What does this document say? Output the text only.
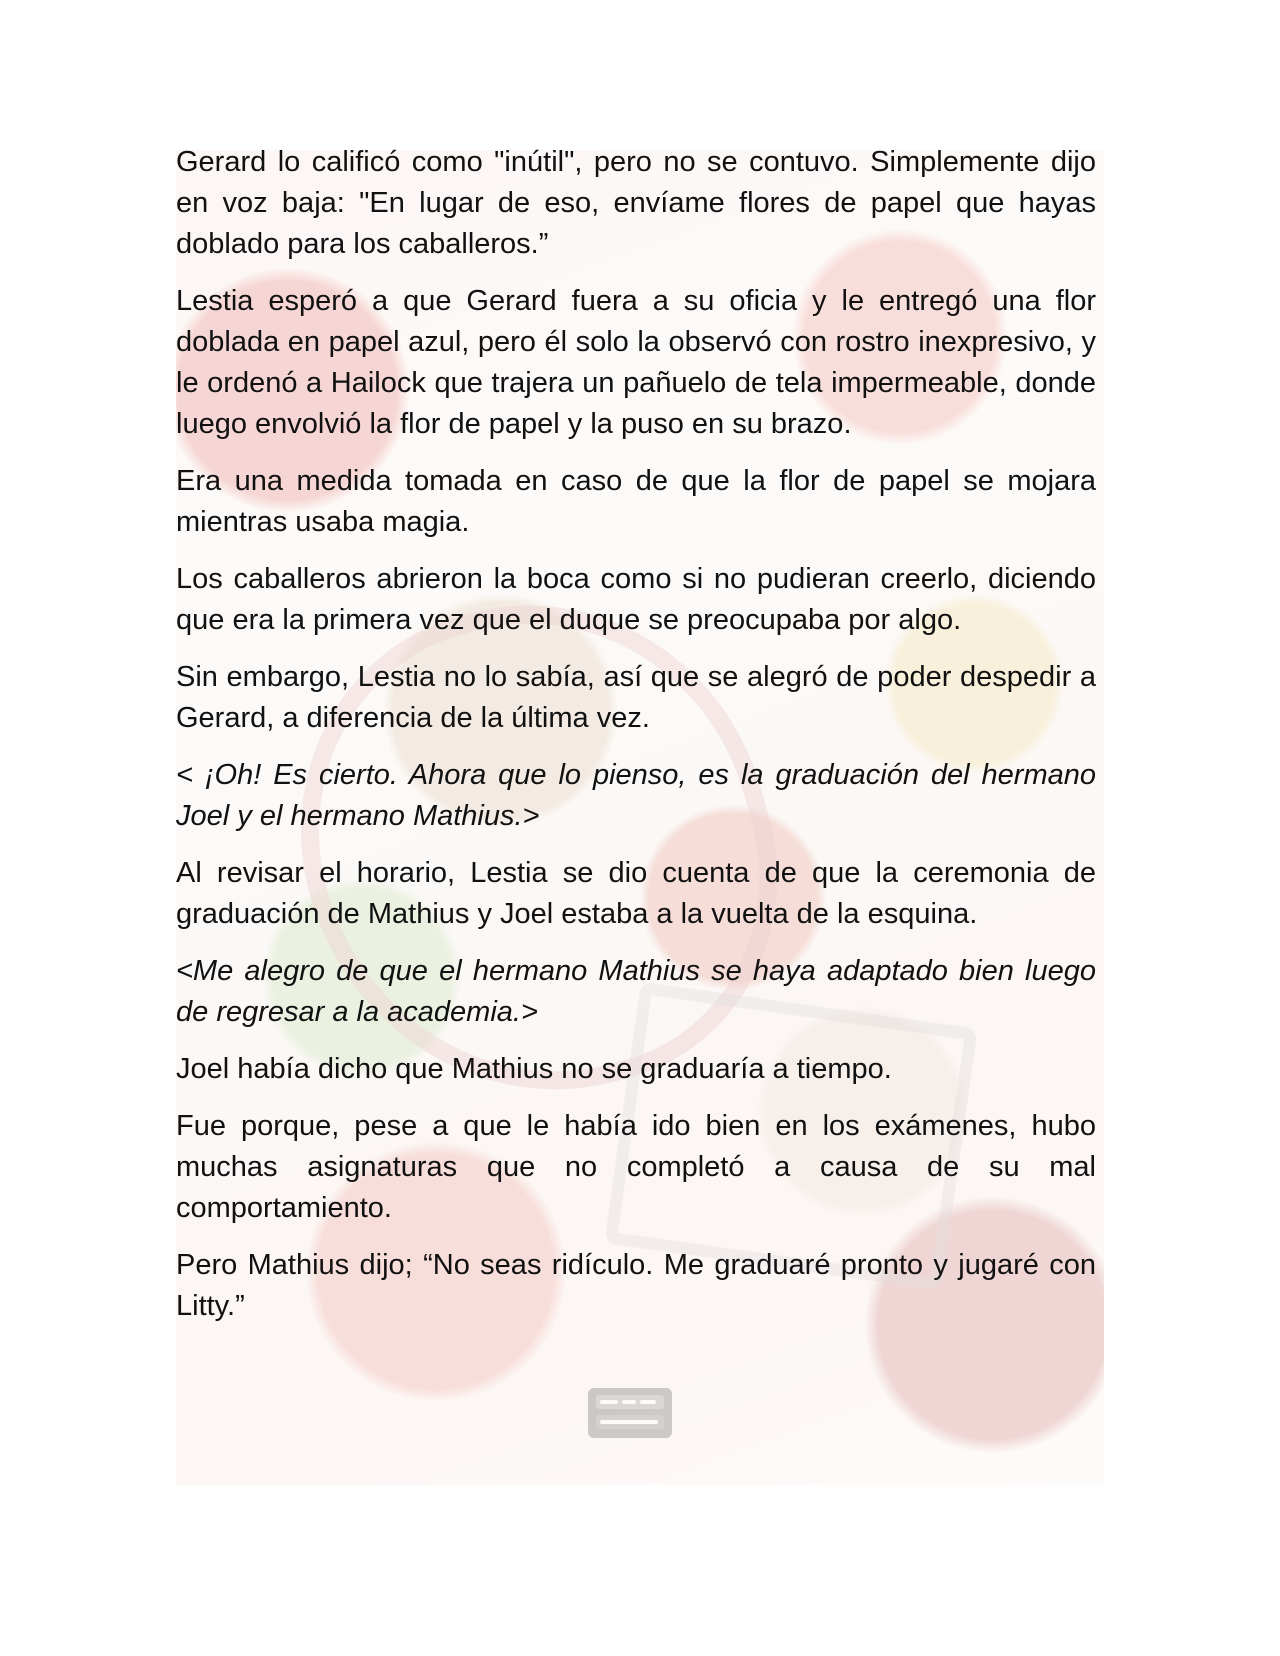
Gerard lo calificó como "inútil", pero no se contuvo. Simplemente dijo en voz baja: "En lugar de eso, envíame flores de papel que hayas doblado para los caballeros.”

Lestia esperó a que Gerard fuera a su oficia y le entregó una flor doblada en papel azul, pero él solo la observó con rostro inexpresivo, y le ordenó a Hailock que trajera un pañuelo de tela impermeable, donde luego envolvió la flor de papel y la puso en su brazo.

Era una medida tomada en caso de que la flor de papel se mojara mientras usaba magia.

Los caballeros abrieron la boca como si no pudieran creerlo, diciendo que era la primera vez que el duque se preocupaba por algo.

Sin embargo, Lestia no lo sabía, así que se alegró de poder despedir a Gerard, a diferencia de la última vez.

< ¡Oh! Es cierto. Ahora que lo pienso, es la graduación del hermano Joel y el hermano Mathius.>

Al revisar el horario, Lestia se dio cuenta de que la ceremonia de graduación de Mathius y Joel estaba a la vuelta de la esquina.

<Me alegro de que el hermano Mathius se haya adaptado bien luego de regresar a la academia.>

Joel había dicho que Mathius no se graduaría a tiempo.

Fue porque, pese a que le había ido bien en los exámenes, hubo muchas asignaturas que no completó a causa de su mal comportamiento.

Pero Mathius dijo; “No seas ridículo. Me graduaré pronto y jugaré con Litty.”
